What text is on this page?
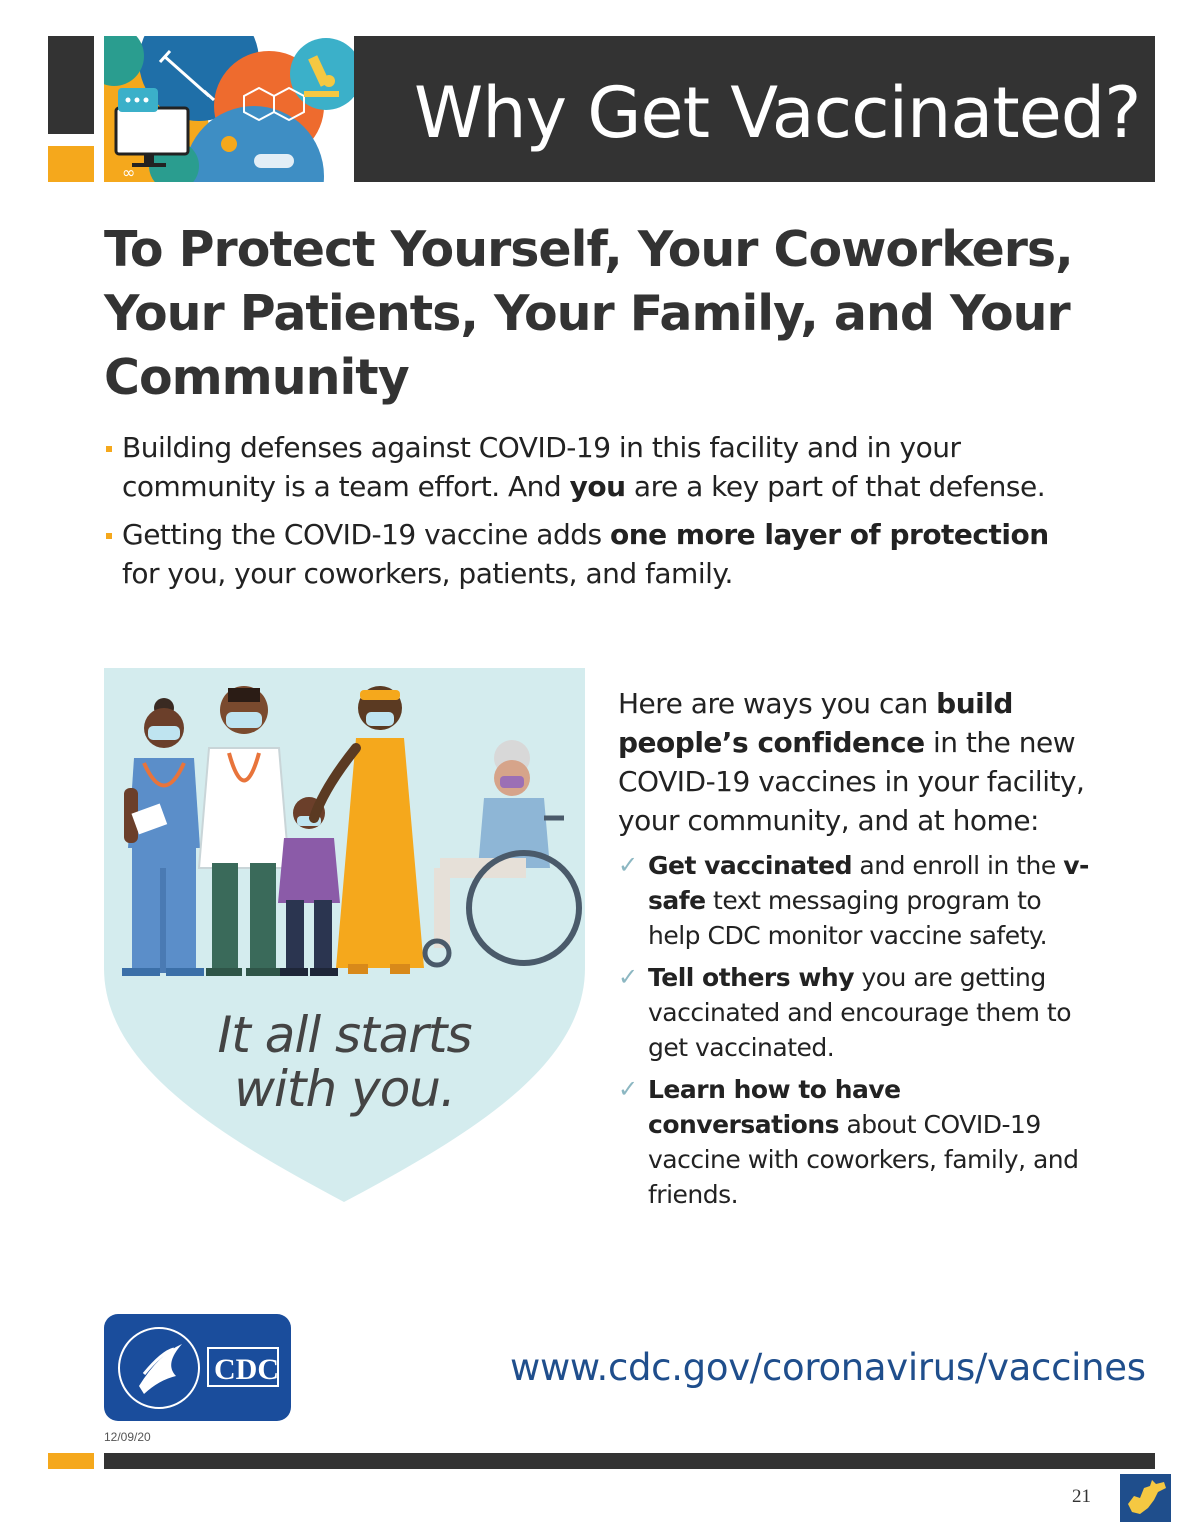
∞
Why Get Vaccinated?
To Protect Yourself, Your Coworkers, Your Patients, Your Family, and Your Community
Building defenses against COVID-19 in this facility and in your community is a team effort. And you are a key part of that defense.
Getting the COVID-19 vaccine adds one more layer of protection for you, your coworkers, patients, and family.
It all starts
with you.

Here are ways you can build people’s confidence in the new COVID-19 vaccines in your facility, your community, and at home:

✓ Get vaccinated and enroll in the v-safe text messaging program to help CDC monitor vaccine safety.
✓ Tell others why you are getting vaccinated and encourage them to get vaccinated.
✓ Learn how to have conversations about COVID-19 vaccine with coworkers, family, and friends.
CDC	www.cdc.gov/coronavirus/vaccines
12/09/20
21
